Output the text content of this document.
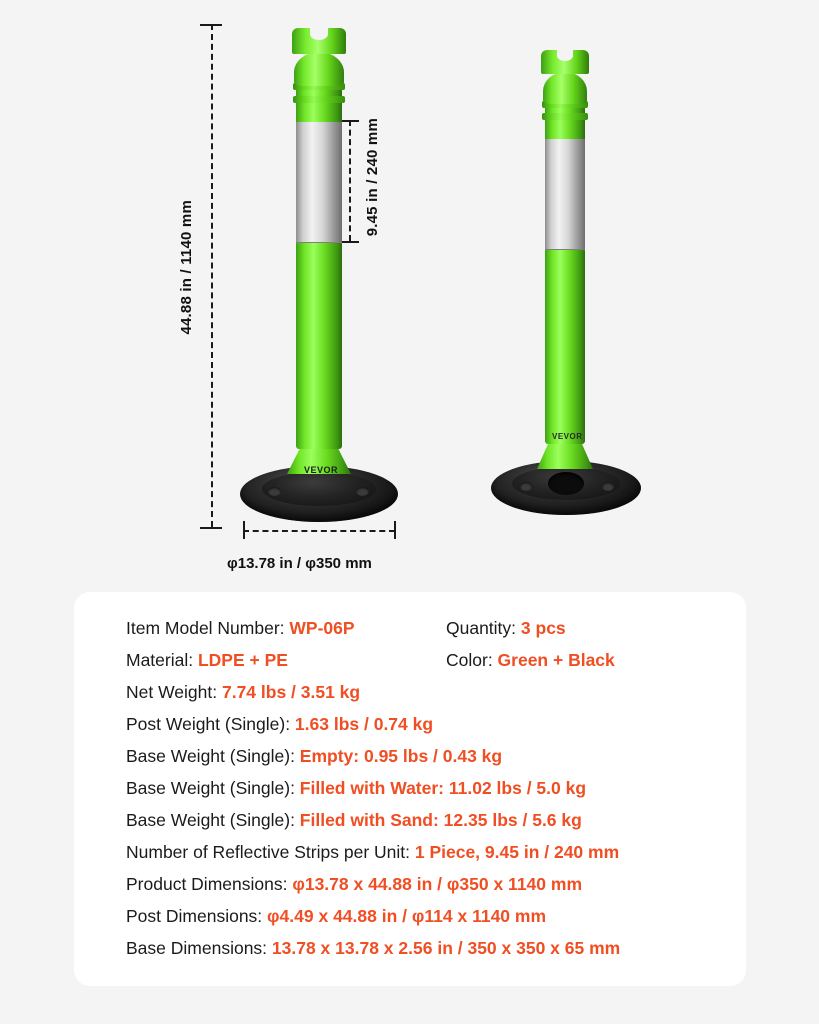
44.88 in / 1140 mm
9.45 in / 240 mm
VEVOR
VEVOR
φ13.78 in / φ350 mm
Item Model Number: WP-06P	Quantity: 3 pcs
Material: LDPE + PE	Color: Green + Black
Net Weight: 7.74 lbs / 3.51 kg
Post Weight (Single): 1.63 lbs / 0.74 kg
Base Weight (Single): Empty: 0.95 lbs / 0.43 kg
Base Weight (Single): Filled with Water: 11.02 lbs / 5.0 kg
Base Weight (Single): Filled with Sand: 12.35 lbs / 5.6 kg
Number of Reflective Strips per Unit: 1 Piece, 9.45 in / 240 mm
Product Dimensions: φ13.78 x 44.88 in / φ350 x 1140 mm
Post Dimensions: φ4.49 x 44.88 in / φ114 x 1140 mm
Base Dimensions: 13.78 x 13.78 x 2.56 in / 350 x 350 x 65 mm
